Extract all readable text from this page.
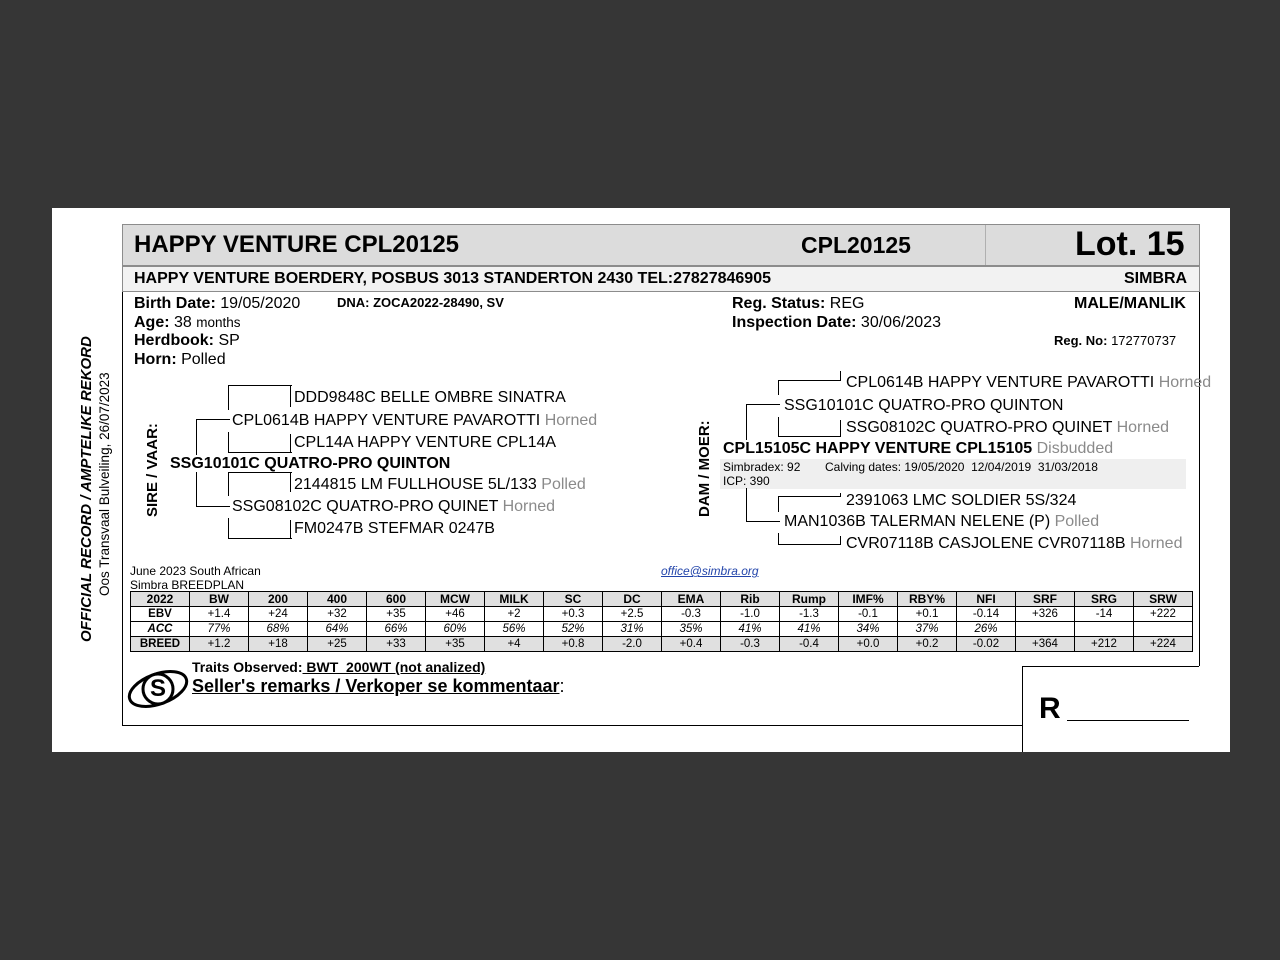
OFFICIAL RECORD / AMPTELIKE REKORD Oos Transvaal Bulveiling, 26/07/2023
HAPPY VENTURE CPL20125	CPL20125	Lot. 15
HAPPY VENTURE BOERDERY, POSBUS 3013 STANDERTON 2430 TEL:27827846905	SIMBRA
Birth Date: 19/05/2020	DNA: ZOCA2022-28490, SV
Age: 38 months
Herdbook: SP
Horn: Polled
Reg. Status: REG
Inspection Date: 30/06/2023
MALE/MANLIK
Reg. No: 172770737
SIRE / VAAR:
DDD9848C BELLE OMBRE SINATRA
CPL0614B HAPPY VENTURE PAVAROTTI Horned
CPL14A HAPPY VENTURE CPL14A
SSG10101C QUATRO-PRO QUINTON
2144815 LM FULLHOUSE 5L/133 Polled
SSG08102C QUATRO-PRO QUINET Horned
FM0247B STEFMAR 0247B
DAM / MOER:
CPL0614B HAPPY VENTURE PAVAROTTI Horned
SSG10101C QUATRO-PRO QUINTON
SSG08102C QUATRO-PRO QUINET Horned
CPL15105C HAPPY VENTURE CPL15105 Disbudded
Simbradex: 92 Calving dates: 19/05/2020  12/04/2019  31/03/2018
ICP: 390
2391063 LMC SOLDIER 5S/324
MAN1036B TALERMAN NELENE (P) Polled
CVR07118B CASJOLENE CVR07118B Horned
June 2023 South African
Simbra BREEDPLAN
office@simbra.org
2022	BW	200	400	600	MCW	MILK	SC	DC	EMA	Rib	Rump	IMF%	RBY%	NFI	SRF	SRG	SRW
EBV	+1.4	+24	+32	+35	+46	+2	+0.3	+2.5	-0.3	-1.0	-1.3	-0.1	+0.1	-0.14	+326	-14	+222
ACC	77%	68%	64%	66%	60%	56%	52%	31%	35%	41%	41%	34%	37%	26%			
BREED	+1.2	+18	+25	+33	+35	+4	+0.8	-2.0	+0.4	-0.3	-0.4	+0.0	+0.2	-0.02	+364	+212	+224
S
Traits Observed: BWT  200WT (not analized)
Seller's remarks / Verkoper se kommentaar:
R
